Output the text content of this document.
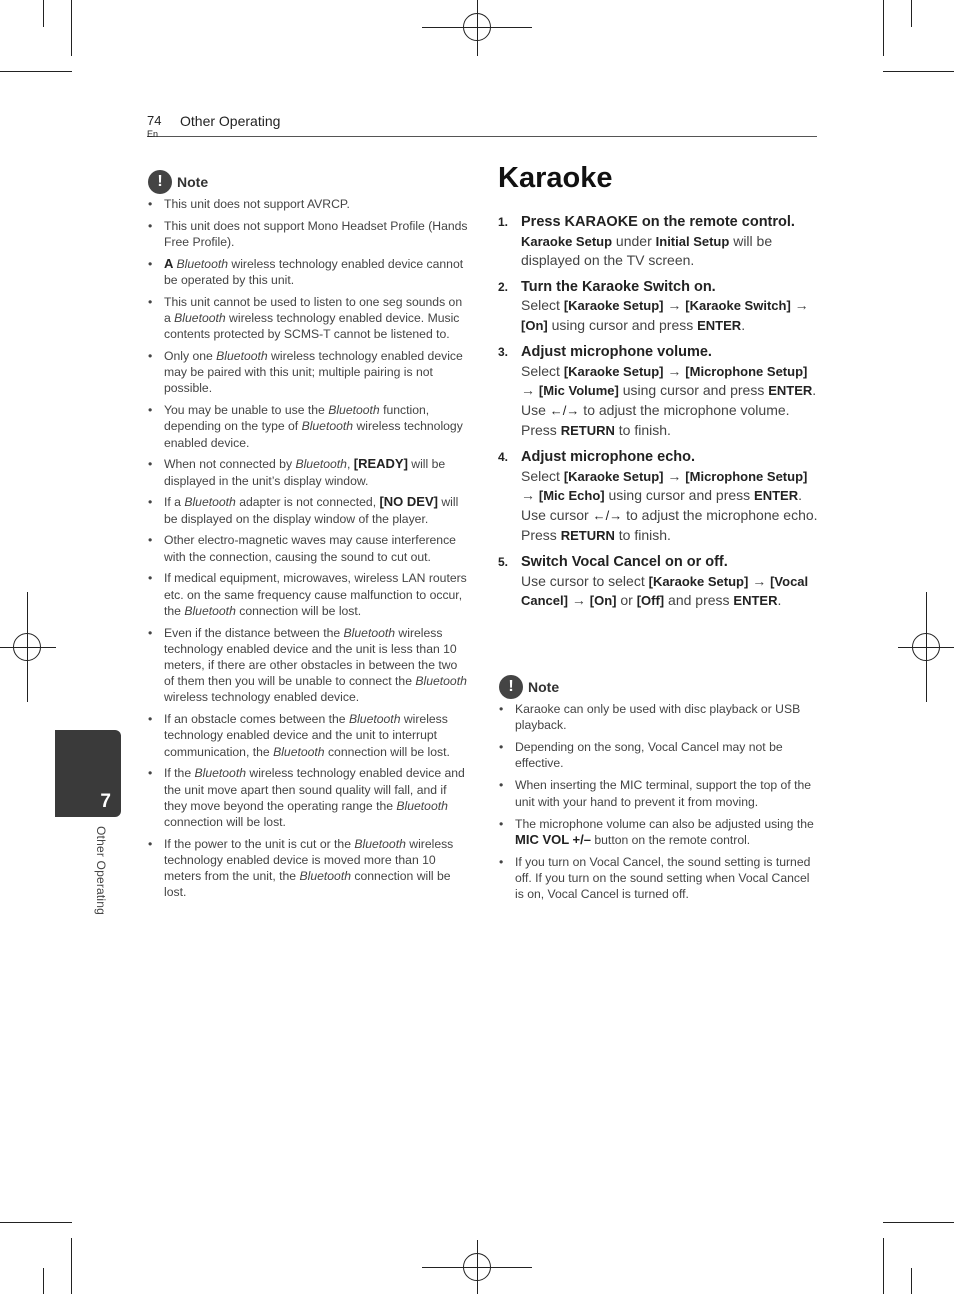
74
En
Other Operating
7
Other Operating
!	Note
• This unit does not support AVRCP.
• This unit does not support Mono Headset Profile (Hands Free Profile).
• A Bluetooth wireless technology enabled device cannot be operated by this unit.
• This unit cannot be used to listen to one seg sounds on a Bluetooth wireless technology enabled device. Music contents protected by SCMS-T cannot be listened to.
• Only one Bluetooth wireless technology enabled device may be paired with this unit; multiple pairing is not possible.
• You may be unable to use the Bluetooth function, depending on the type of Bluetooth wireless technology enabled device.
• When not connected by Bluetooth, [READY] will be displayed in the unit’s display window.
• If a Bluetooth adapter is not connected, [NO DEV] will be displayed on the display window of the player.
• Other electro-magnetic waves may cause interference with the connection, causing the sound to cut out.
• If medical equipment, microwaves, wireless LAN routers etc. on the same frequency cause malfunction to occur, the Bluetooth connection will be lost.
• Even if the distance between the Bluetooth wireless technology enabled device and the unit is less than 10 meters, if there are other obstacles in between the two of them then you will be unable to connect the Bluetooth wireless technology enabled device.
• If an obstacle comes between the Bluetooth wireless technology enabled device and the unit to interrupt communication, the Bluetooth connection will be lost.
• If the Bluetooth wireless technology enabled device and the unit move apart then sound quality will fall, and if they move beyond the operating range the Bluetooth connection will be lost.
• If the power to the unit is cut or the Bluetooth wireless technology enabled device is moved more than 10 meters from the unit, the Bluetooth connection will be lost.
Karaoke
1. Press KARAOKE on the remote control.
Karaoke Setup under Initial Setup will be displayed on the TV screen.
2. Turn the Karaoke Switch on.
Select [Karaoke Setup] → [Karaoke Switch] → [On] using cursor and press ENTER.
3. Adjust microphone volume.
Select [Karaoke Setup] → [Microphone Setup] → [Mic Volume] using cursor and press ENTER.
Use ←/→ to adjust the microphone volume.
Press RETURN to finish.
4. Adjust microphone echo.
Select [Karaoke Setup] → [Microphone Setup] → [Mic Echo] using cursor and press ENTER.
Use cursor ←/→ to adjust the microphone echo.
Press RETURN to finish.
5. Switch Vocal Cancel on or off.
Use cursor to select [Karaoke Setup] → [Vocal Cancel] → [On] or [Off] and press ENTER.
!	Note
• Karaoke can only be used with disc playback or USB playback.
• Depending on the song, Vocal Cancel may not be effective.
• When inserting the MIC terminal, support the top of the unit with your hand to prevent it from moving.
• The microphone volume can also be adjusted using the MIC VOL +/– button on the remote control.
• If you turn on Vocal Cancel, the sound setting is turned off. If you turn on the sound setting when Vocal Cancel is on, Vocal Cancel is turned off.
